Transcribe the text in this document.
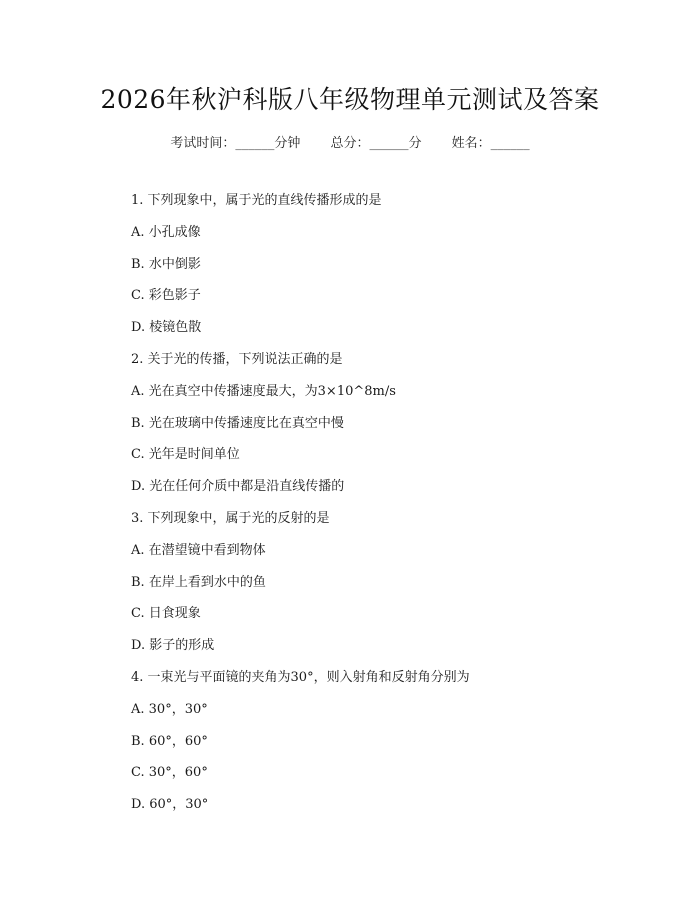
2026年秋沪科版八年级物理单元测试及答案
考试时间：______分钟 总分：______分 姓名：______
1. 下列现象中，属于光的直线传播形成的是
A. 小孔成像
B. 水中倒影
C. 彩色影子
D. 棱镜色散
2. 关于光的传播，下列说法正确的是
A. 光在真空中传播速度最大，为3×10^8m/s
B. 光在玻璃中传播速度比在真空中慢
C. 光年是时间单位
D. 光在任何介质中都是沿直线传播的
3. 下列现象中，属于光的反射的是
A. 在潜望镜中看到物体
B. 在岸上看到水中的鱼
C. 日食现象
D. 影子的形成
4. 一束光与平面镜的夹角为30°，则入射角和反射角分别为
A. 30°，30°
B. 60°，60°
C. 30°，60°
D. 60°，30°
